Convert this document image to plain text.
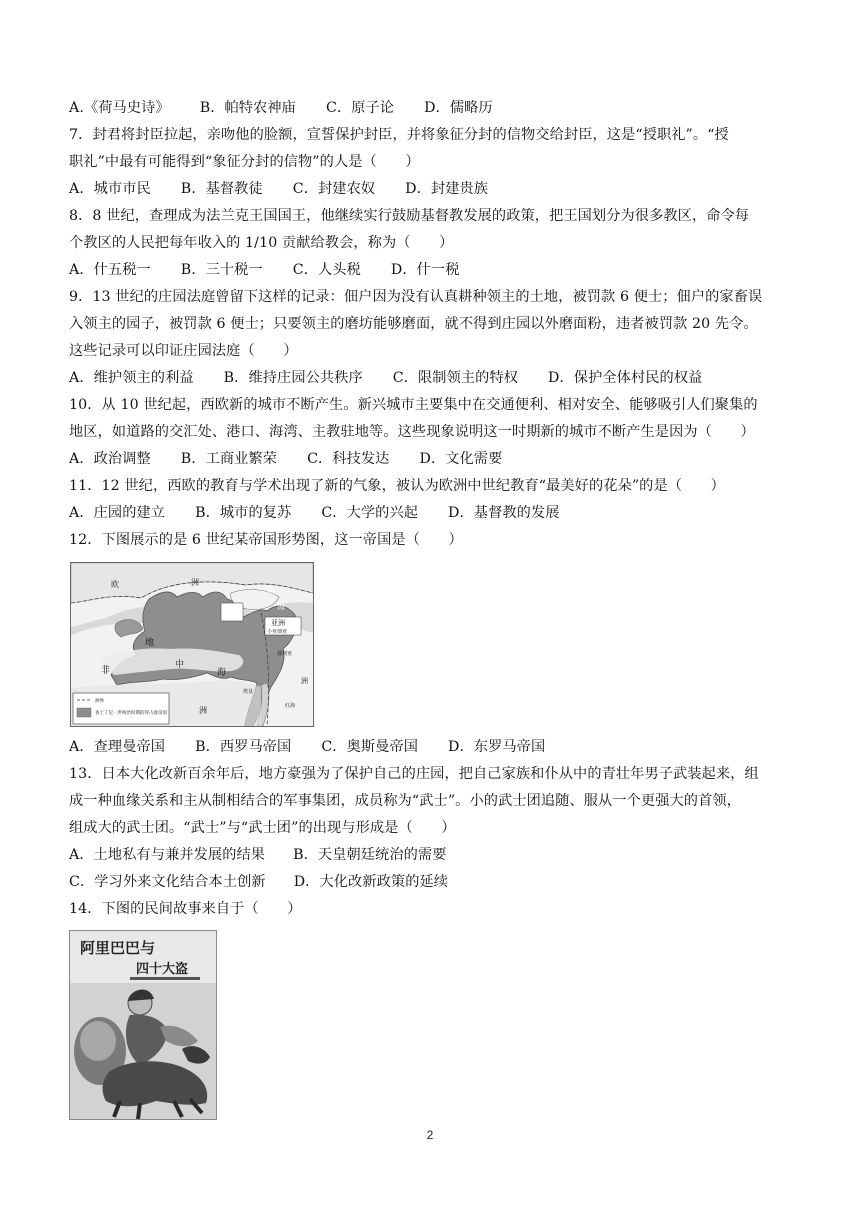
A.《荷马史诗》 B．帕特农神庙 C．原子论 D．儒略历
7．封君将封臣拉起，亲吻他的脸额，宣誓保护封臣，并将象征分封的信物交给封臣，这是“授职礼”。“授
职礼”中最有可能得到“象征分封的信物”的人是（　　）
A．城市市民 B．基督教徒 C．封建农奴 D．封建贵族
8．8 世纪，查理成为法兰克王国国王，他继续实行鼓励基督教发展的政策，把王国划分为很多教区，命令每
个教区的人民把每年收入的 1/10 贡献给教会，称为（　　）
A．什五税一 B．三十税一 C．人头税 D．什一税
9．13 世纪的庄园法庭曾留下这样的记录：佃户因为没有认真耕种领主的土地，被罚款 6 便士；佃户的家畜误
入领主的园子，被罚款 6 便士；只要领主的磨坊能够磨面，就不得到庄园以外磨面粉，违者被罚款 20 先令。
这些记录可以印证庄园法庭（　　）
A．维护领主的利益 B．维持庄园公共秩序 C．限制领主的特权 D．保护全体村民的权益
10．从 10 世纪起，西欧新的城市不断产生。新兴城市主要集中在交通便利、相对安全、能够吸引人们聚集的
地区，如道路的交汇处、港口、海湾、主教驻地等。这些现象说明这一时期新的城市不断产生是因为（　　）
A．政治调整 B．工商业繁荣 C．科技发达 D．文化需要
11．12 世纪，西欧的教育与学术出现了新的气象，被认为欧洲中世纪教育“最美好的花朵”的是（　　）
A．庄园的建立 B．城市的复苏 C．大学的兴起 D．基督教的发展
12．下图展示的是 6 世纪某帝国形势图，这一帝国是（　　）
欧	洲
黑
海
亚洲
小亚细亚
叙利亚
地
中
海
非
洲
埃及
红海
洲
洲界
查士丁尼一世统治时期的拜占庭帝国
A．查理曼帝国 B．西罗马帝国 C．奥斯曼帝国 D．东罗马帝国
13．日本大化改新百余年后，地方豪强为了保护自己的庄园，把自己家族和仆从中的青壮年男子武装起来，组
成一种血缘关系和主从制相结合的军事集团，成员称为“武士”。小的武士团追随、服从一个更强大的首领，
组成大的武士团。“武士”与“武士团”的出现与形成是（　　）
A．土地私有与兼并发展的结果 B．天皇朝廷统治的需要
C．学习外来文化结合本土创新 D．大化改新政策的延续
14．下图的民间故事来自于（　　）
阿里巴巴与
四十大盗
2
